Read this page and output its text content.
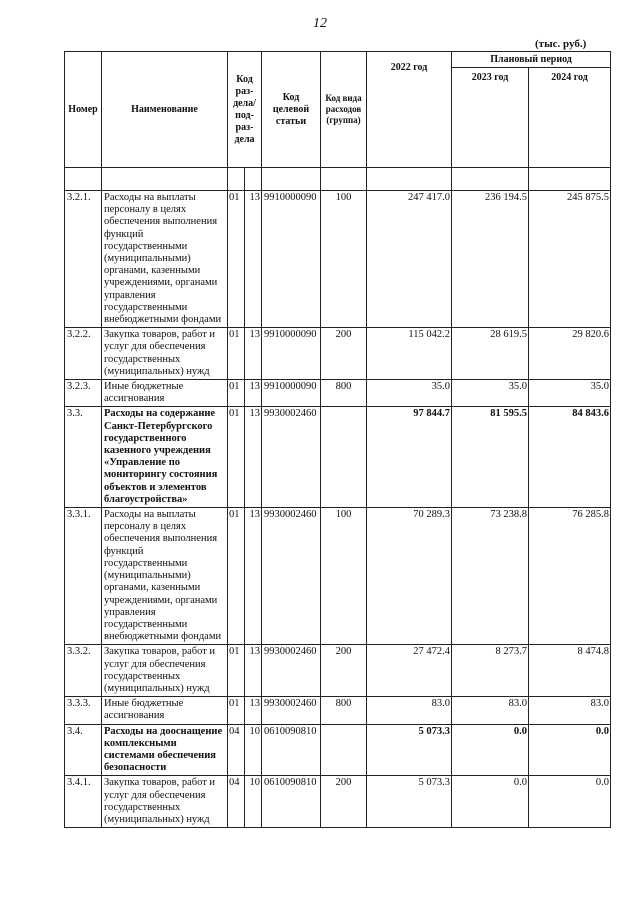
12
(тыс. руб.)
Номер	Наименование	Код раз-дела/ под-раз-дела		Код целевой статьи	Код вида расходов (группа)	2022 год	Плановый период	
							2023 год	2024 год

3.2.1.	Расходы на выплаты персоналу в целях обеспечения выполнения функций государственными (муниципальными) органами, казенными учреждениями, органами управления государственными внебюджетными фондами	01	13	9910000090	100	247 417.0	236 194.5	245 875.5
3.2.2.	Закупка товаров, работ и услуг для обеспечения государственных (муниципальных) нужд	01	13	9910000090	200	115 042.2	28 619.5	29 820.6
3.2.3.	Иные бюджетные ассигнования	01	13	9910000090	800	35.0	35.0	35.0
3.3.	Расходы на содержание Санкт-Петербургского государственного казенного учреждения «Управление по мониторингу состояния объектов и элементов благоустройства»	01	13	9930002460		97 844.7	81 595.5	84 843.6
3.3.1.	Расходы на выплаты персоналу в целях обеспечения выполнения функций государственными (муниципальными) органами, казенными учреждениями, органами управления государственными внебюджетными фондами	01	13	9930002460	100	70 289.3	73 238.8	76 285.8
3.3.2.	Закупка товаров, работ и услуг для обеспечения государственных (муниципальных) нужд	01	13	9930002460	200	27 472.4	8 273.7	8 474.8
3.3.3.	Иные бюджетные ассигнования	01	13	9930002460	800	83.0	83.0	83.0
3.4.	Расходы на дооснащение комплексными системами обеспечения безопасности	04	10	0610090810		5 073.3	0.0	0.0
3.4.1.	Закупка товаров, работ и услуг для обеспечения государственных (муниципальных) нужд	04	10	0610090810	200	5 073.3	0.0	0.0
